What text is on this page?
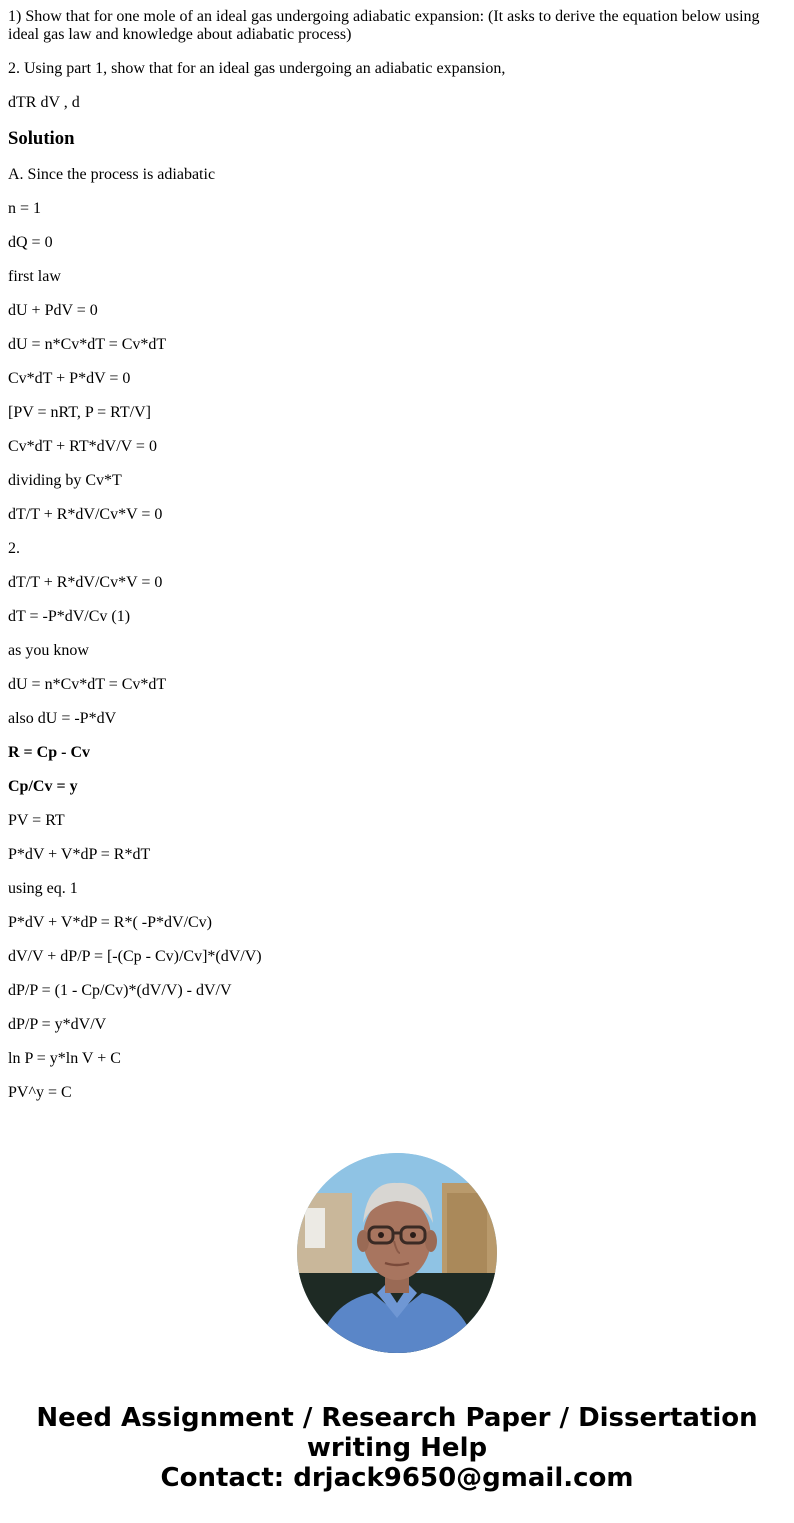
1) Show that for one mole of an ideal gas undergoing adiabatic expansion: (It asks to derive the equation below using ideal gas law and knowledge about adiabatic process)

2. Using part 1, show that for an ideal gas undergoing an adiabatic expansion,

dTR dV , d

Solution

A. Since the process is adiabatic

n = 1

dQ = 0

first law

dU + PdV = 0

dU = n*Cv*dT = Cv*dT

Cv*dT + P*dV = 0

[PV = nRT, P = RT/V]

Cv*dT + RT*dV/V = 0

dividing by Cv*T

dT/T + R*dV/Cv*V = 0

2.

dT/T + R*dV/Cv*V = 0

dT = -P*dV/Cv (1)

as you know

dU = n*Cv*dT = Cv*dT

also dU = -P*dV

R = Cp - Cv

Cp/Cv = y

PV = RT

P*dV + V*dP = R*dT

using eq. 1

P*dV + V*dP = R*( -P*dV/Cv)

dV/V + dP/P = [-(Cp - Cv)/Cv]*(dV/V)

dP/P = (1 - Cp/Cv)*(dV/V) - dV/V

dP/P = y*dV/V

ln P = y*ln V + C

PV^y = C

Need Assignment / Research Paper / Dissertation
writing Help
Contact: drjack9650@gmail.com
